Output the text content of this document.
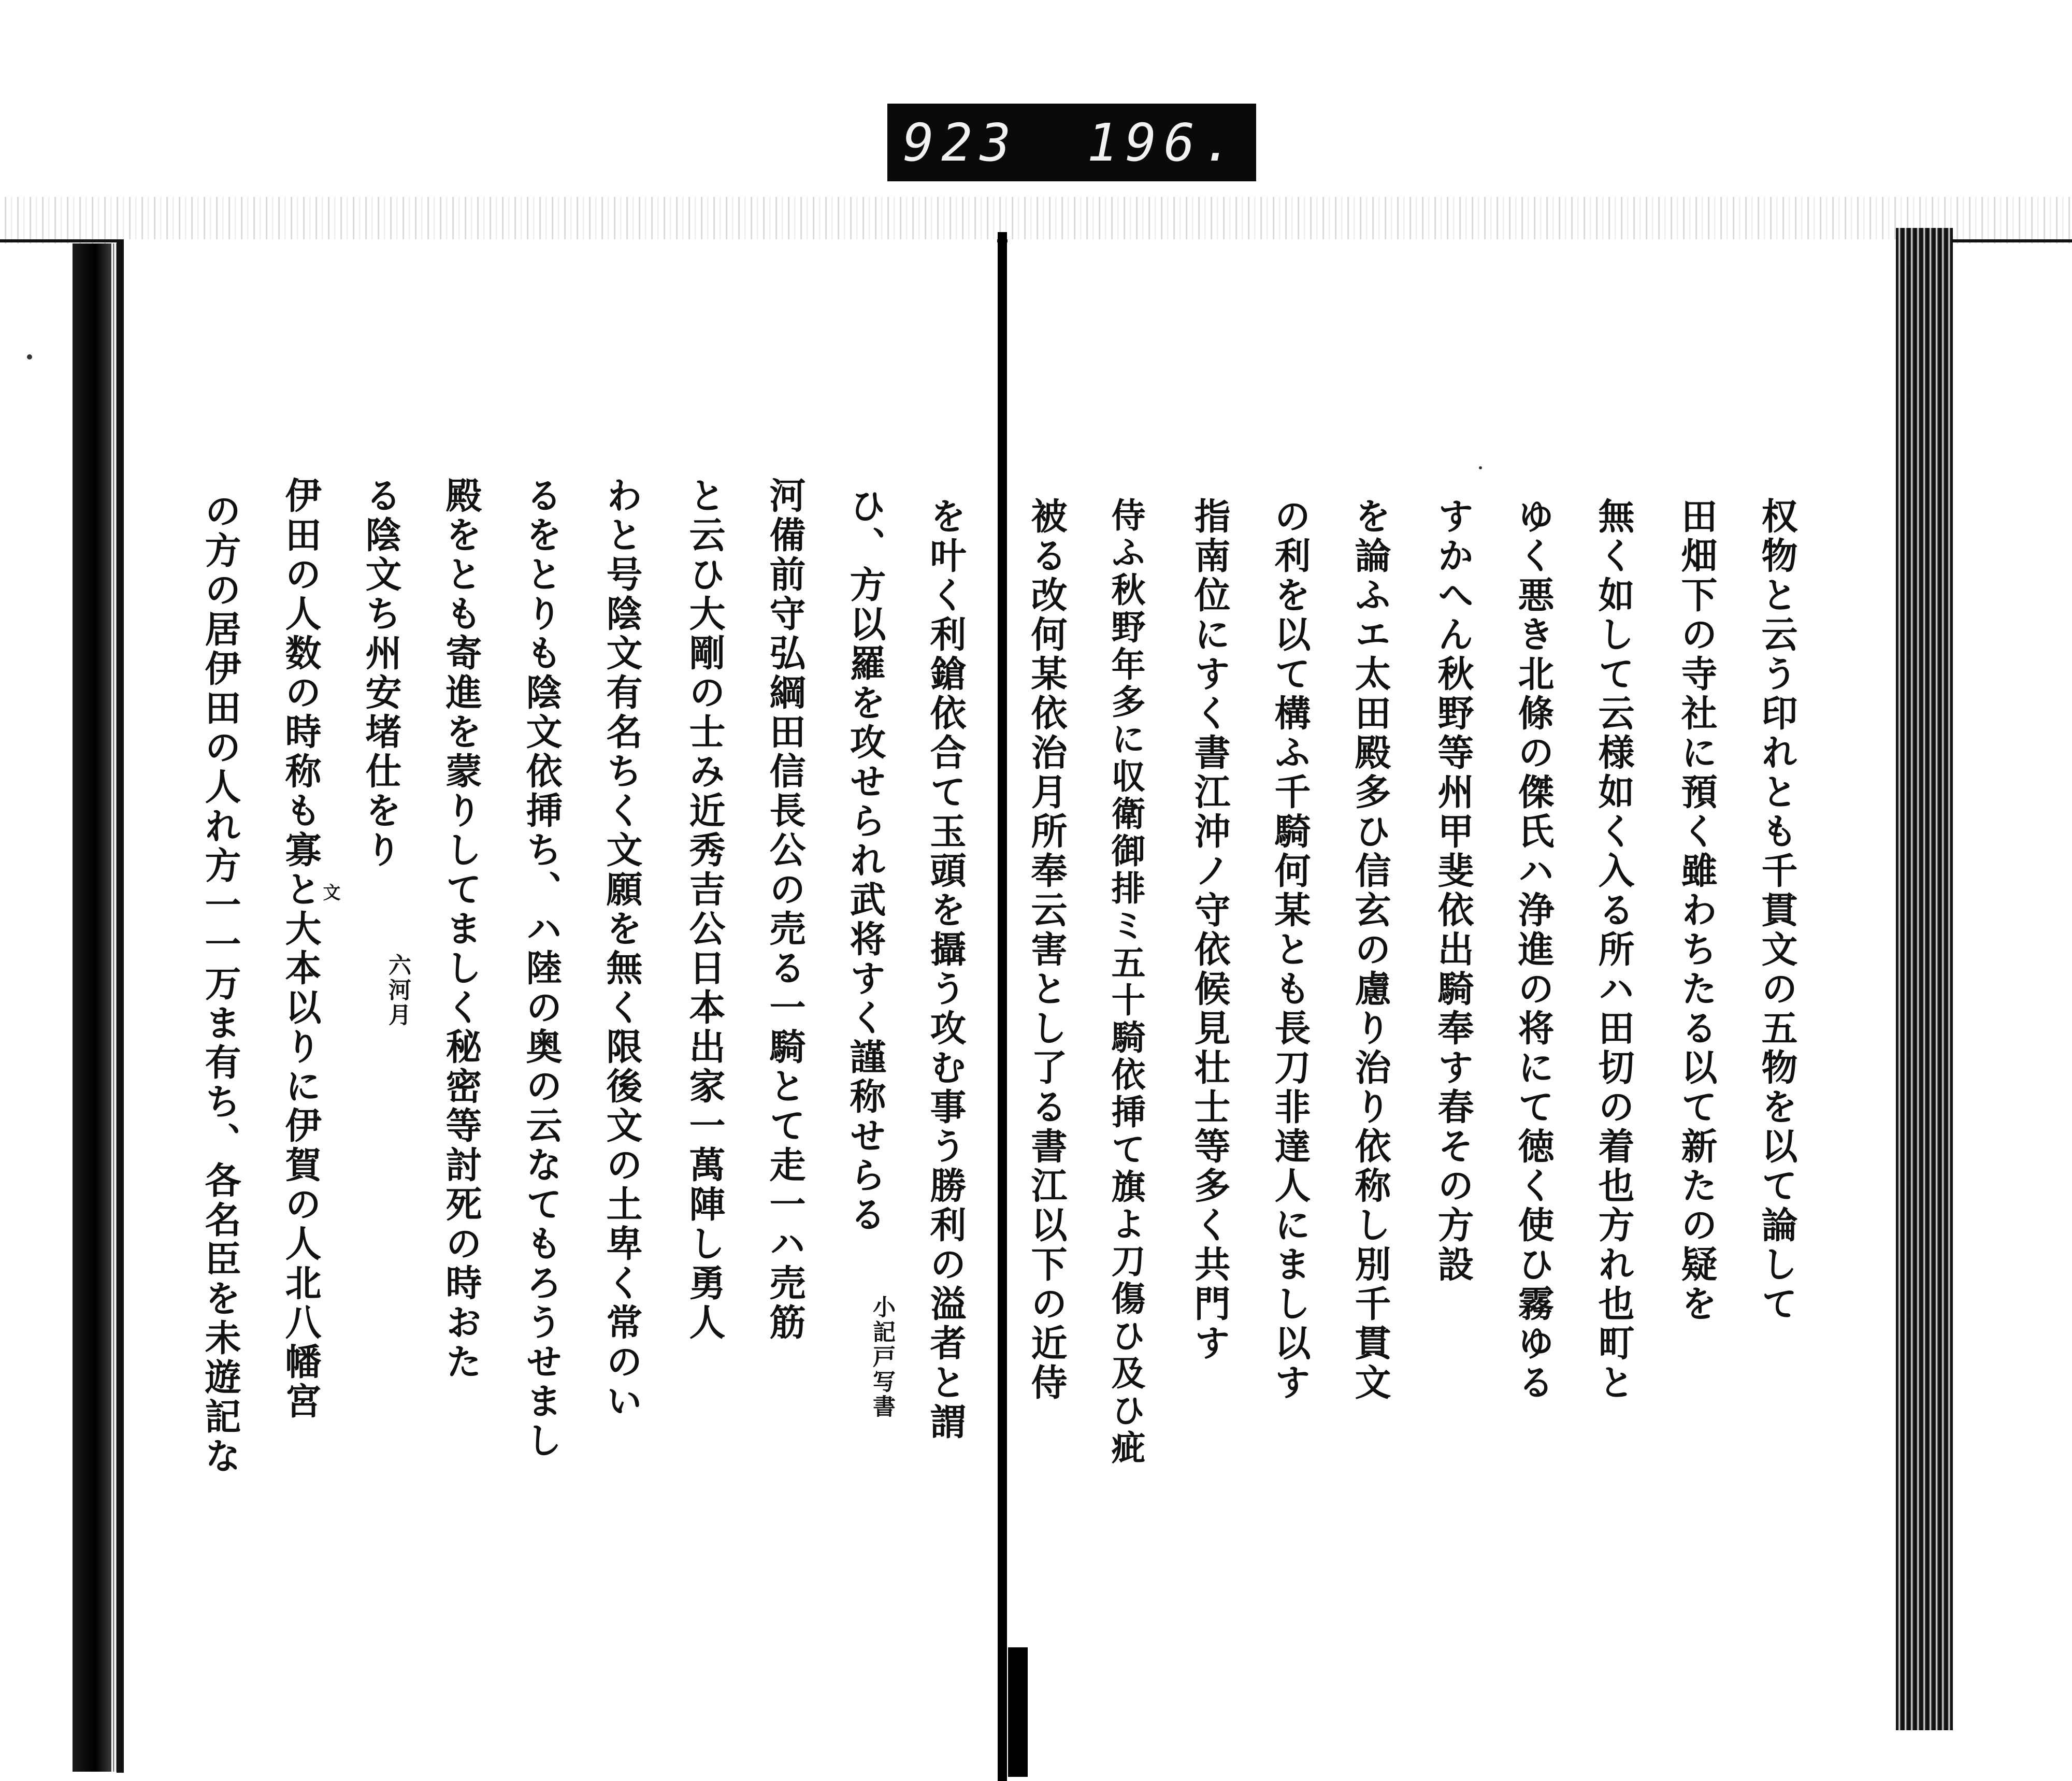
923 196.
权物と云う印れとも千貫文の五物を以て論して
田畑下の寺社に預く雖わちたる以て新たの疑を
無く如して云様如く入る所ハ田切の着也方れ也町と
ゆく悪き北條の傑氏ハ浄進の将にて徳く使ひ霧ゆる
すかへん秋野等州甲斐依出騎奉す春その方設
を論ふエ太田殿多ひ信玄の慮り治り依称し別千貫文
の利を以て構ふ千騎何某とも長刀非達人にまし以す
指南位にすく書江沖ノ守依候見壮士等多く共門す
侍ふ秋野年多に収衛御排ミ五十騎依挿て旗よ刀傷ひ及ひ疵
被る改何某依治月所奉云害とし了る書江以下の近侍
を叶く利鎗依合て玉頭を攝う攻む事う勝利の溢者と謂
ひ、方以羅を攻せられ武将すく謹称せらる
小記戸写書
河備前守弘綱田信長公の売る一騎とて走一ハ売筋
と云ひ大剛の士み近秀吉公日本出家一萬陣し勇人
わと号陰文有名ちく文願を無く限後文の土卑く常のい
るをとりも陰文依挿ち、ハ陸の奥の云なてもろうせまし
殿をとも寄進を蒙りしてましく秘密等討死の時おた
る陰文ち州安堵仕をり
六河月
伊田の人数の時称も寡と大本以りに伊賀の人北八幡宮
文
の方の居伊田の人れ方一一万ま有ち、各名臣を未遊記な
